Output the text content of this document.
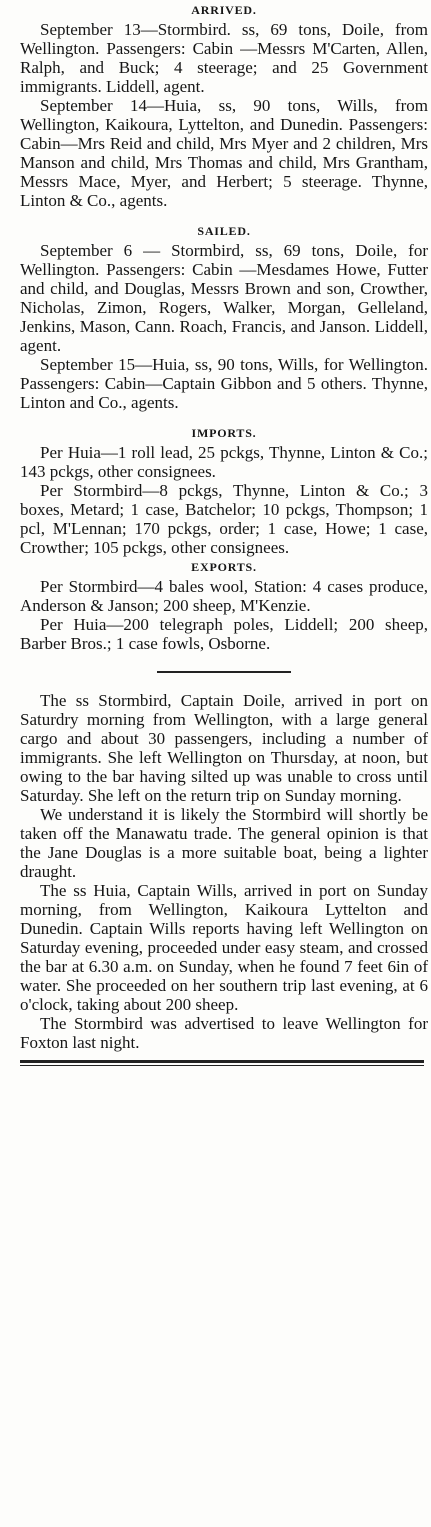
ARRIVED.

September 13—Stormbird. ss, 69 tons, Doile, from Wellington. Passengers: Cabin —Messrs M'Carten, Allen, Ralph, and Buck; 4 steerage; and 25 Government immigrants. Liddell, agent.

September 14—Huia, ss, 90 tons, Wills, from Wellington, Kaikoura, Lyttelton, and Dunedin. Passengers: Cabin—Mrs Reid and child, Mrs Myer and 2 children, Mrs Manson and child, Mrs Thomas and child, Mrs Grantham, Messrs Mace, Myer, and Herbert; 5 steerage. Thynne, Linton & Co., agents.

SAILED.

September 6 — Stormbird, ss, 69 tons, Doile, for Wellington. Passengers: Cabin —Mesdames Howe, Futter and child, and Douglas, Messrs Brown and son, Crowther, Nicholas, Zimon, Rogers, Walker, Morgan, Gelleland, Jenkins, Mason, Cann. Roach, Francis, and Janson. Liddell, agent.

September 15—Huia, ss, 90 tons, Wills, for Wellington. Passengers: Cabin—Captain Gibbon and 5 others. Thynne, Linton and Co., agents.

IMPORTS.

Per Huia—1 roll lead, 25 pckgs, Thynne, Linton & Co.; 143 pckgs, other consignees.

Per Stormbird—8 pckgs, Thynne, Linton & Co.; 3 boxes, Metard; 1 case, Batchelor; 10 pckgs, Thompson; 1 pcl, M'Lennan; 170 pckgs, order; 1 case, Howe; 1 case, Crowther; 105 pckgs, other consignees.

EXPORTS.

Per Stormbird—4 bales wool, Station: 4 cases produce, Anderson & Janson; 200 sheep, M'Kenzie.

Per Huia—200 telegraph poles, Liddell; 200 sheep, Barber Bros.; 1 case fowls, Osborne.

The ss Stormbird, Captain Doile, arrived in port on Saturdry morning from Wellington, with a large general cargo and about 30 passengers, including a number of immigrants. She left Wellington on Thursday, at noon, but owing to the bar having silted up was unable to cross until Saturday. She left on the return trip on Sunday morning.

We understand it is likely the Stormbird will shortly be taken off the Manawatu trade. The general opinion is that the Jane Douglas is a more suitable boat, being a lighter draught.

The ss Huia, Captain Wills, arrived in port on Sunday morning, from Wellington, Kaikoura Lyttelton and Dunedin. Captain Wills reports having left Wellington on Saturday evening, proceeded under easy steam, and crossed the bar at 6.30 a.m. on Sunday, when he found 7 feet 6in of water. She proceeded on her southern trip last evening, at 6 o'clock, taking about 200 sheep.

The Stormbird was advertised to leave Wellington for Foxton last night.
